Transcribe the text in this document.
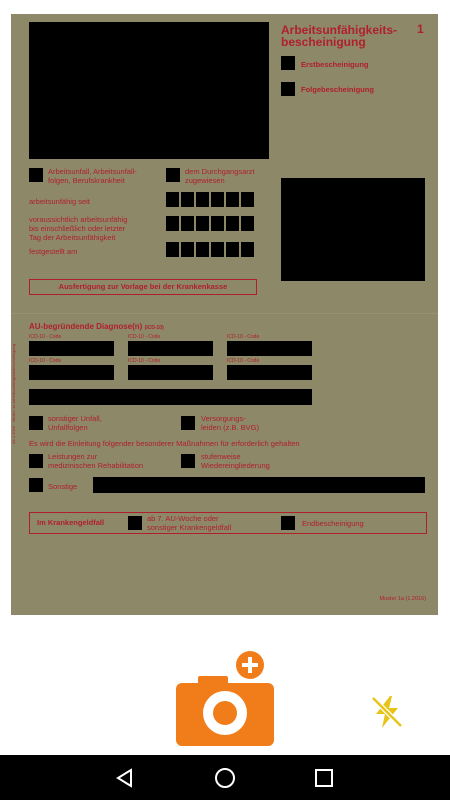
Arbeitsunfähigkeits-
bescheinigung
1
Erstbescheinigung
Folgebescheinigung
Arbeitsunfall, Arbeitsunfall-
folgen, Berufskrankheit
dem Durchgangsarzt
zugewiesen
arbeitsunfähig seit
voraussichtlich arbeitsunfähig
bis einschließlich oder letzter
Tag der Arbeitsunfähigkeit
festgestellt am
Ausfertigung zur Vorlage bei der Krankenkasse
AU-begründende Diagnose(n) (ICD-10)
ICD-10 - Code	ICD-10 - Code	ICD-10 - Code
ICD-10 - Code	ICD-10 - Code	ICD-10 - Code
sonstiger Unfall,
Unfallfolgen
Versorgungs-
leiden (z.B. BVG)
Es wird die Einleitung folgender besonderer Maßnahmen für erforderlich gehalten
Leistungen zur
medizinischen Rehabilitation
stufenweise
Wiedereingliederung
Sonstige
Im Krankengeldfall	ab 7. AU-Woche oder
sonstiger Krankengeldfall	Endbescheinigung
Muster 1a (1.2016)
Ab 1.2016 · Muster 1a Arbeitsunfähigkeitsbescheinigung
